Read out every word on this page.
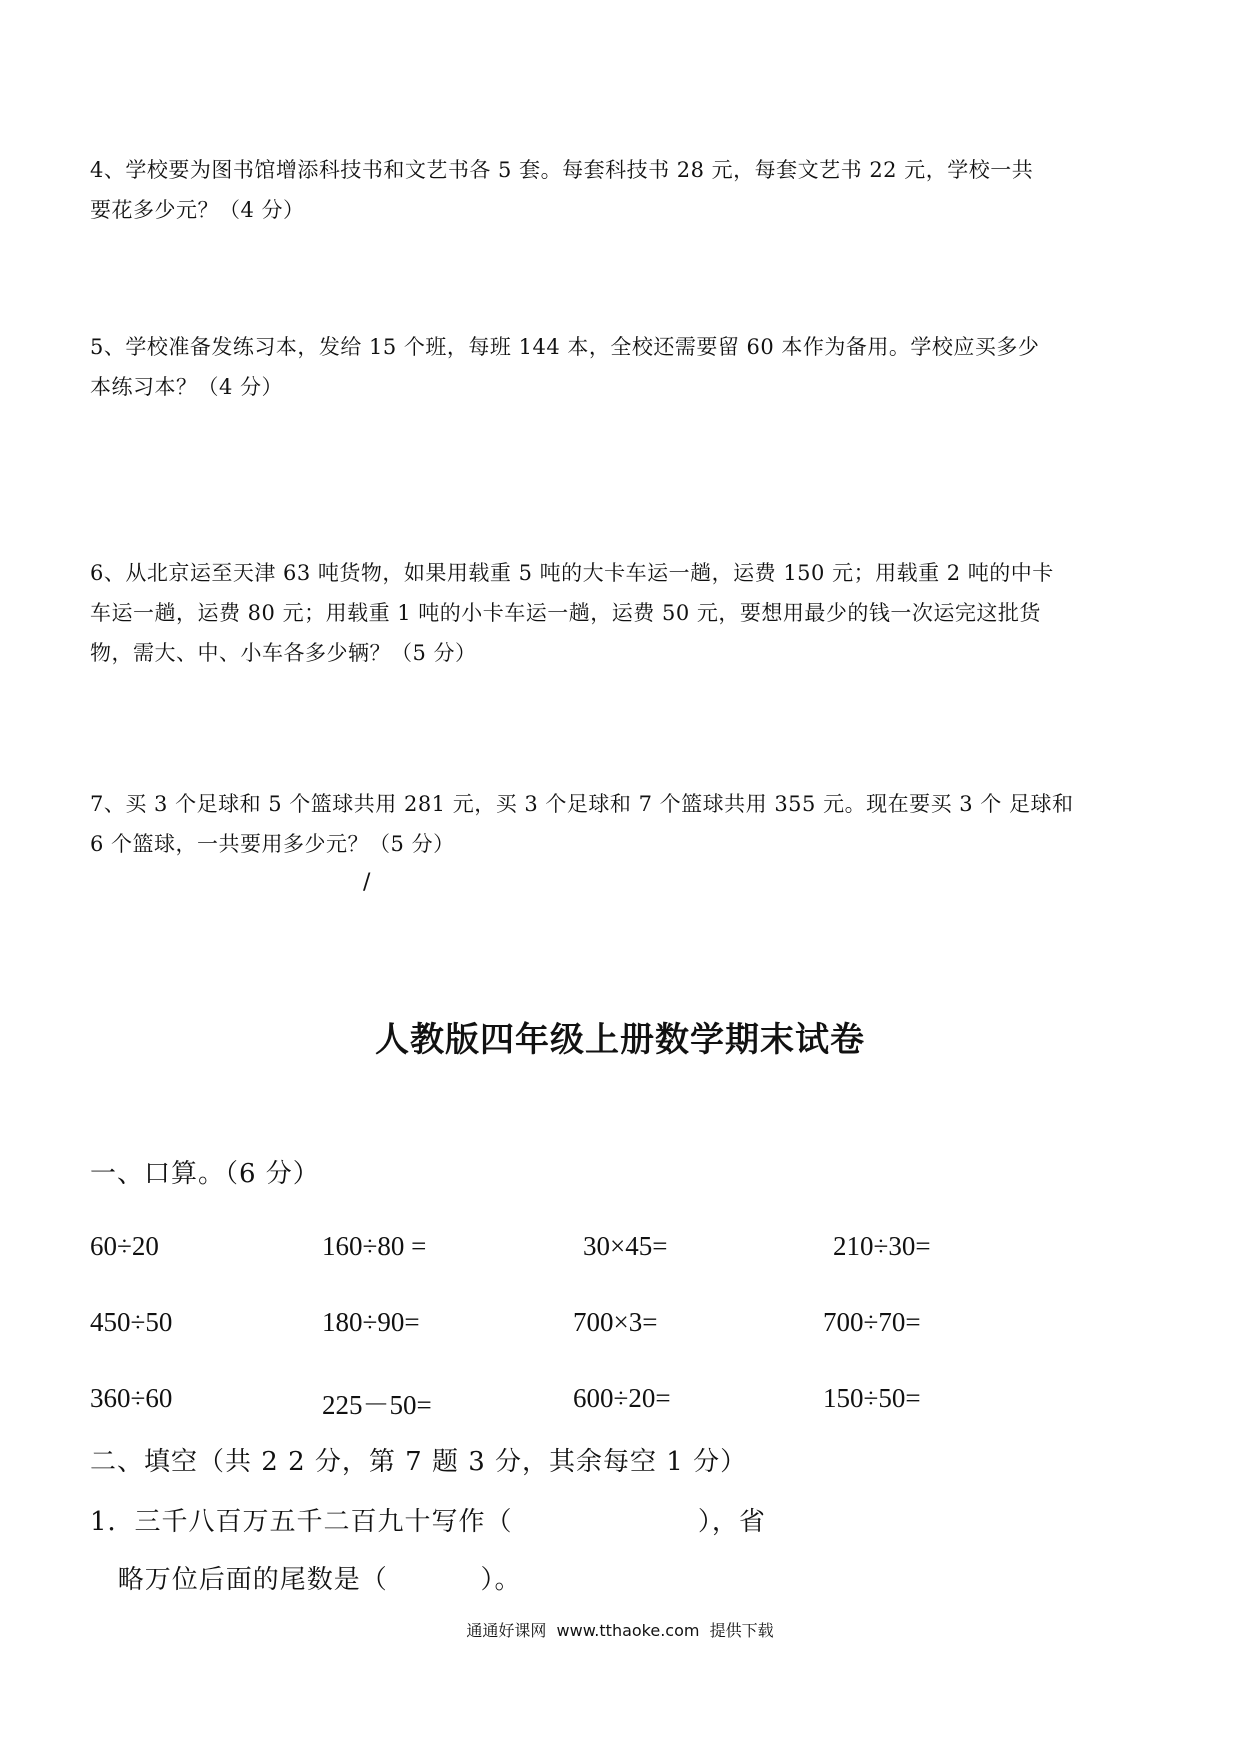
4、学校要为图书馆增添科技书和文艺书各 5 套。每套科技书 28 元，每套文艺书 22 元，学校一共

要花多少元？（4 分）

5、学校准备发练习本，发给 15 个班，每班 144 本，全校还需要留 60 本作为备用。学校应买多少

本练习本？（4 分）

6、从北京运至天津 63 吨货物，如果用载重 5 吨的大卡车运一趟，运费 150 元；用载重 2 吨的中卡

车运一趟，运费 80 元；用载重 1 吨的小卡车运一趟，运费 50 元，要想用最少的钱一次运完这批货

物，需大、中、小车各多少辆？（5 分）

7、买 3 个足球和 5 个篮球共用 281 元，买 3 个足球和 7 个篮球共用 355 元。现在要买 3 个 足球和

6 个篮球，一共要用多少元？（5 分）

/
人教版四年级上册数学期末试卷
一、口算。（6 分）
60÷20	160÷80 =	30×45=	210÷30=
450÷50	180÷90=	700×3=	700÷70=
360÷60	225－50=	600÷20=	150÷50=
二、填空（共 2 2 分，第 7 题 3 分，其余每空 1 分）
1．三千八百万五千二百九十写作（                    ），省
略万位后面的尾数是（          ）。
通通好课网  www.tthaoke.com  提供下载
